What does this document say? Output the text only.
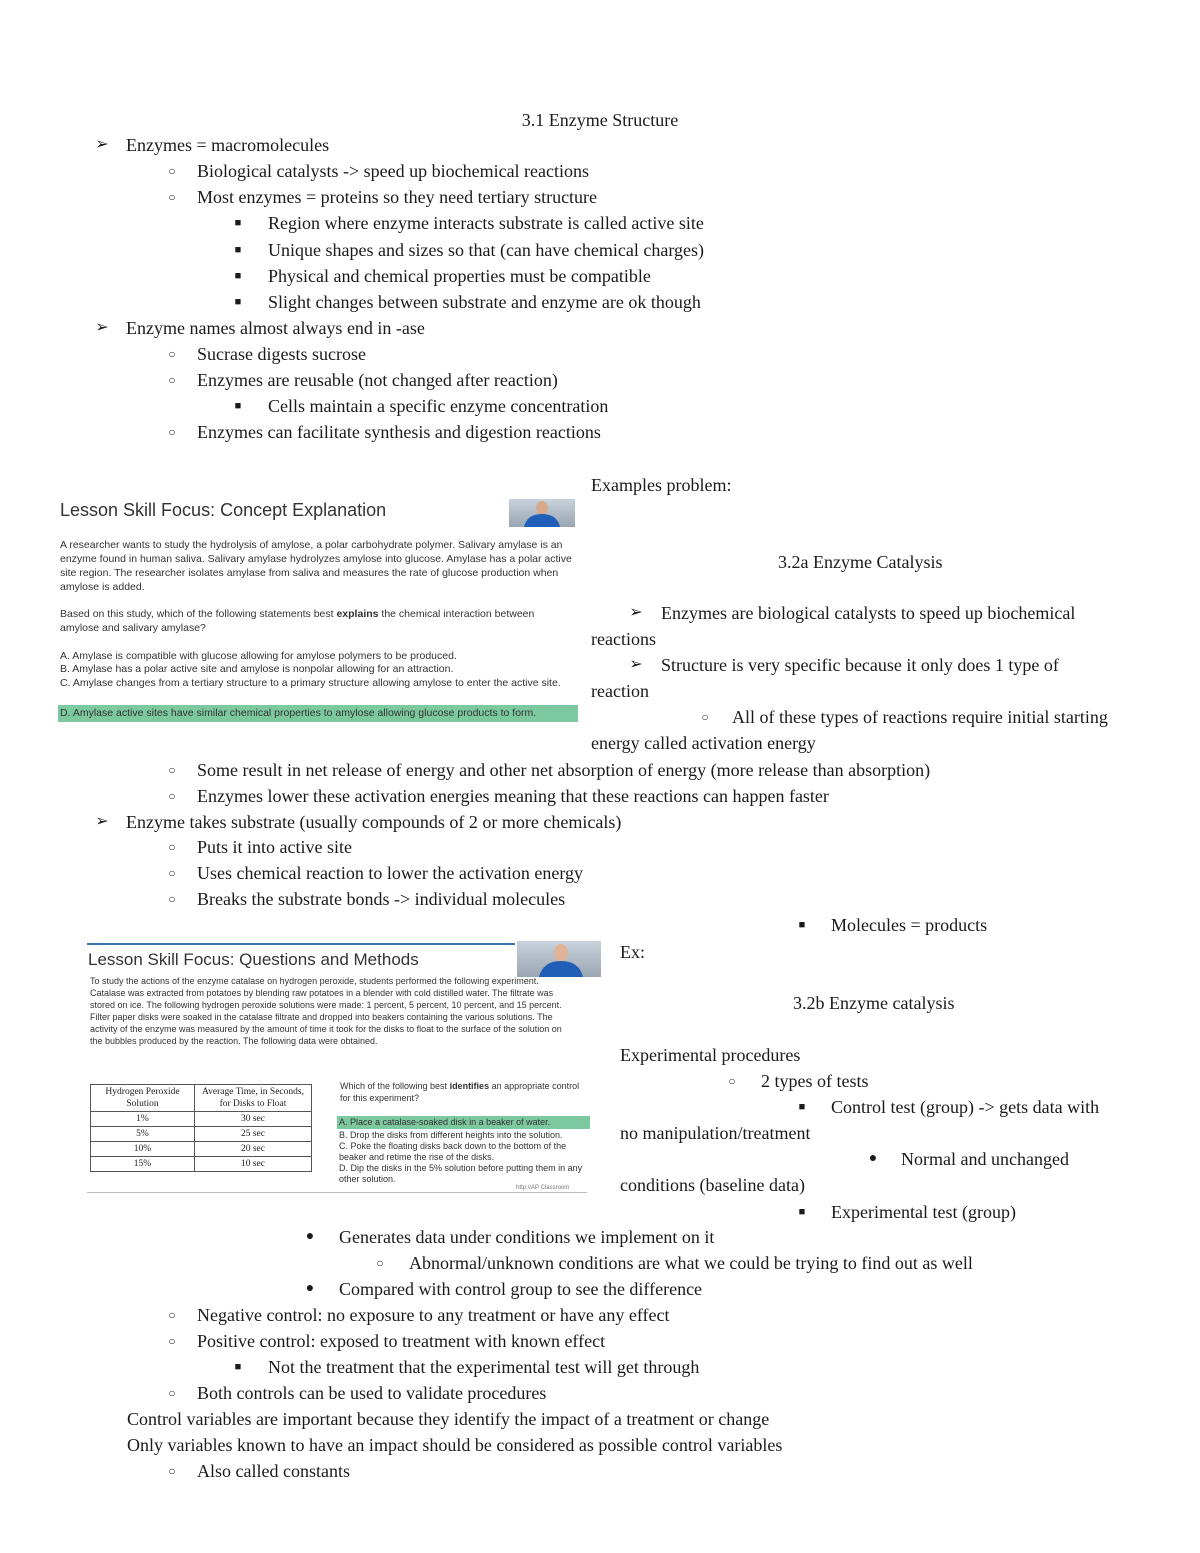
3.1 Enzyme Structure
➢ Enzymes = macromolecules
○	Biological catalysts -> speed up biochemical reactions
○	Most enzymes = proteins so they need tertiary structure
■	Region where enzyme interacts substrate is called active site
■	Unique shapes and sizes so that (can have chemical charges)
■	Physical and chemical properties must be compatible
■	Slight changes between substrate and enzyme are ok though
➢ Enzyme names almost always end in -ase
○	Sucrase digests sucrose
○	Enzymes are reusable (not changed after reaction)
■	Cells maintain a specific enzyme concentration
○	Enzymes can facilitate synthesis and digestion reactions
Examples problem:
Lesson Skill Focus: Concept Explanation
A researcher wants to study the hydrolysis of amylose, a polar carbohydrate polymer. Salivary amylase is an enzyme found in human saliva. Salivary amylase hydrolyzes amylose into glucose. Amylase has a polar active site region. The researcher isolates amylase from saliva and measures the rate of glucose production when amylose is added.
Based on this study, which of the following statements best explains the chemical interaction between amylose and salivary amylase?
A. Amylase is compatible with glucose allowing for amylose polymers to be produced.
B. Amylase has a polar active site and amylose is nonpolar allowing for an attraction.
C. Amylase changes from a tertiary structure to a primary structure allowing amylose to enter the active site.
D. Amylase active sites have similar chemical properties to amylose allowing glucose products to form.
3.2a Enzyme Catalysis
➢ Enzymes are biological catalysts to speed up biochemical
reactions
➢ Structure is very specific because it only does 1 type of
reaction
○	All of these types of reactions require initial starting
energy called activation energy
○	Some result in net release of energy and other net absorption of energy (more release than absorption)
○	Enzymes lower these activation energies meaning that these reactions can happen faster
➢ Enzyme takes substrate (usually compounds of 2 or more chemicals)
○	Puts it into active site
○	Uses chemical reaction to lower the activation energy
○	Breaks the substrate bonds -> individual molecules
■	Molecules = products
Ex:
Lesson Skill Focus: Questions and Methods
To study the actions of the enzyme catalase on hydrogen peroxide, students performed the following experiment. Catalase was extracted from potatoes by blending raw potatoes in a blender with cold distilled water. The filtrate was stored on ice. The following hydrogen peroxide solutions were made: 1 percent, 5 percent, 10 percent, and 15 percent. Filter paper disks were soaked in the catalase filtrate and dropped into beakers containing the various solutions. The activity of the enzyme was measured by the amount of time it took for the disks to float to the surface of the solution on the bubbles produced by the reaction. The following data were obtained.
Hydrogen Peroxide Solution	Average Time, in Seconds, for Disks to Float
1%	30 sec
5%	25 sec
10%	20 sec
15%	10 sec
Which of the following best identifies an appropriate control for this experiment?
A. Place a catalase-soaked disk in a beaker of water.
B. Drop the disks from different heights into the solution.
C. Poke the floating disks back down to the bottom of the beaker and retime the rise of the disks.
D. Dip the disks in the 5% solution before putting them in any other solution.
http://AP Classroom
3.2b Enzyme catalysis
Experimental procedures
○	2 types of tests
■	Control test (group) -> gets data with
no manipulation/treatment
●	Normal and unchanged
conditions (baseline data)
■	Experimental test (group)
●	Generates data under conditions we implement on it
○	Abnormal/unknown conditions are what we could be trying to find out as well
●	Compared with control group to see the difference
○	Negative control: no exposure to any treatment or have any effect
○	Positive control: exposed to treatment with known effect
■	Not the treatment that the experimental test will get through
○	Both controls can be used to validate procedures
Control variables are important because they identify the impact of a treatment or change
Only variables known to have an impact should be considered as possible control variables
○	Also called constants
